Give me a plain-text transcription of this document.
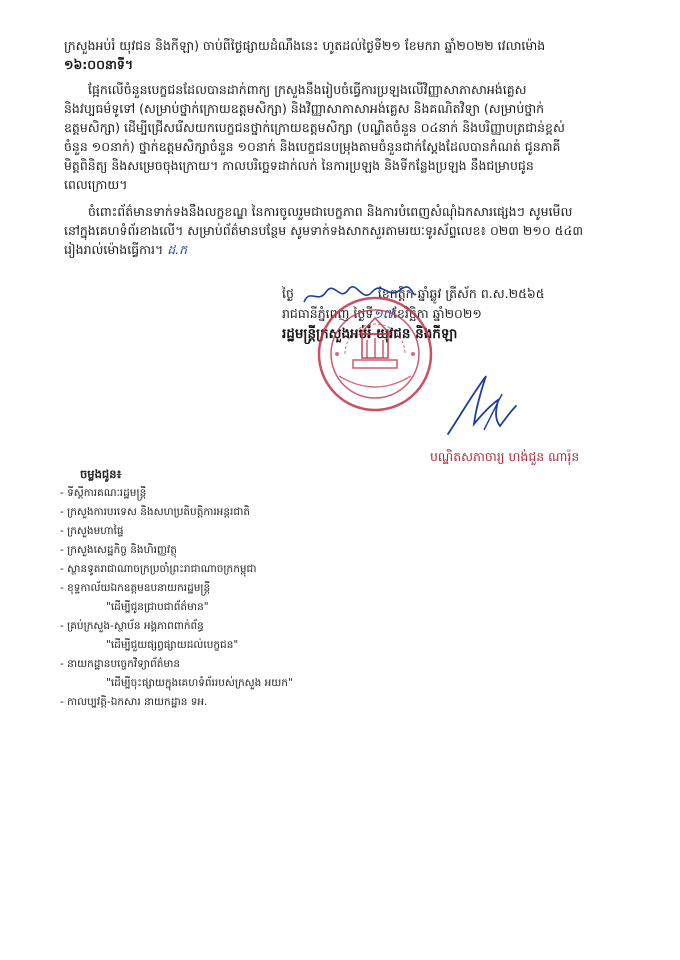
ក្រសួងអប់រំ យុវជន និងកីឡា) ចាប់ពីថ្ងៃផ្សាយដំណឹងនេះ ហូតដល់ថ្ងៃទី២១ ខែមករា ឆ្នាំ២០២២ វេលាម៉ោង
១៦:០០នាទី។
ផ្អែកលើចំនួនបេក្ខជនដែលបានដាក់ពាក្យ ក្រសួងនឹងរៀបចំធ្វើការប្រឡងលើវិញ្ញាសាភាសាអង់គ្លេស
និងវប្បធម៌ទូទៅ (សម្រាប់ថ្នាក់ក្រោយឧត្តមសិក្សា) និងវិញ្ញាសាភាសាអង់គ្លេស និងគណិតវិទ្យា (សម្រាប់ថ្នាក់
ឧត្តមសិក្សា) ដើម្បីជ្រើសរើសយកបេក្ខជនថ្នាក់ក្រោយឧត្តមសិក្សា (បណ្ឌិតចំនួន ០៤នាក់ និងបរិញ្ញាបត្រជាន់ខ្ពស់
ចំនួន ១០នាក់) ថ្នាក់ឧត្តមសិក្សាចំនួន ១០នាក់ និងបេក្ខជនបម្រុងតាមចំនួនជាក់ស្តែងដែលបានកំណត់ ជូនភាគី
មិត្តពិនិត្យ និងសម្រេចចុងក្រោយ។ កាលបរិច្ឆេទដាក់លក់ នៃការប្រឡង និងទីកន្លែងប្រឡង នឹងជម្រាបជូន
ពេលក្រោយ។
ចំពោះព័ត៌មានទាក់ទងនឹងលក្ខខណ្ឌ នៃការចូលរួមជាបេក្ខភាព និងការបំពេញសំណុំឯកសារផ្សេងៗ សូមមើល
នៅក្នុងគេហទំព័រខាងលើ។ សម្រាប់ព័ត៌មានបន្ថែម សូមទាក់ទងសាកសួរតាមរយៈទូរស័ព្ទលេខ៖ ០២៣ ២១០ ៥៤៣
រៀងរាល់ម៉ោងធ្វើការ។ ដ.ក
ថ្ងៃ	ខែកត្តិក ឆ្នាំឆ្លូវ ត្រីស័ក ព.ស.២៥៦៥
រាជធានីភ្នំពេញ ថ្ងៃទី១៧ខែវិច្ឆិកា ឆ្នាំ២០២១
រដ្ឋមន្ត្រីក្រសួងអប់រំ យុវជន និងកីឡា
បណ្ឌិតសភាចារ្យ ហង់ជួន ណារ៉ុន
ចម្លងជូន៖
- ទីស្ដីការគណៈរដ្ឋមន្ត្រី
- ក្រសួងការបរទេស និងសហប្រតិបត្តិការអន្តរជាតិ
- ក្រសួងមហាផ្ទៃ
- ក្រសួងសេដ្ឋកិច្ច និងហិរញ្ញវត្ថុ
- ស្ថានទូតរាជាណាចក្រប្រចាំព្រះរាជាណាចក្រកម្ពុជា
- ខុទ្ទកាល័យឯកឧត្តមឧបនាយករដ្ឋមន្ត្រី
"ដើម្បីជូនជ្រាបជាព័ត៌មាន"
- គ្រប់ក្រសួង-ស្ថាប័ន អង្គភាពពាក់ព័ន្ធ
"ដើម្បីជួយផ្សព្វផ្សាយដល់បេក្ខជន"
- នាយកដ្ឋានបច្ចេកវិទ្យាព័ត៌មាន
"ដើម្បីចុះផ្សាយក្នុងគេហទំព័ររបស់ក្រសួង អយក"
- កាលប្បវត្តិ-ឯកសារ នាយកដ្ឋាន ទអ.
